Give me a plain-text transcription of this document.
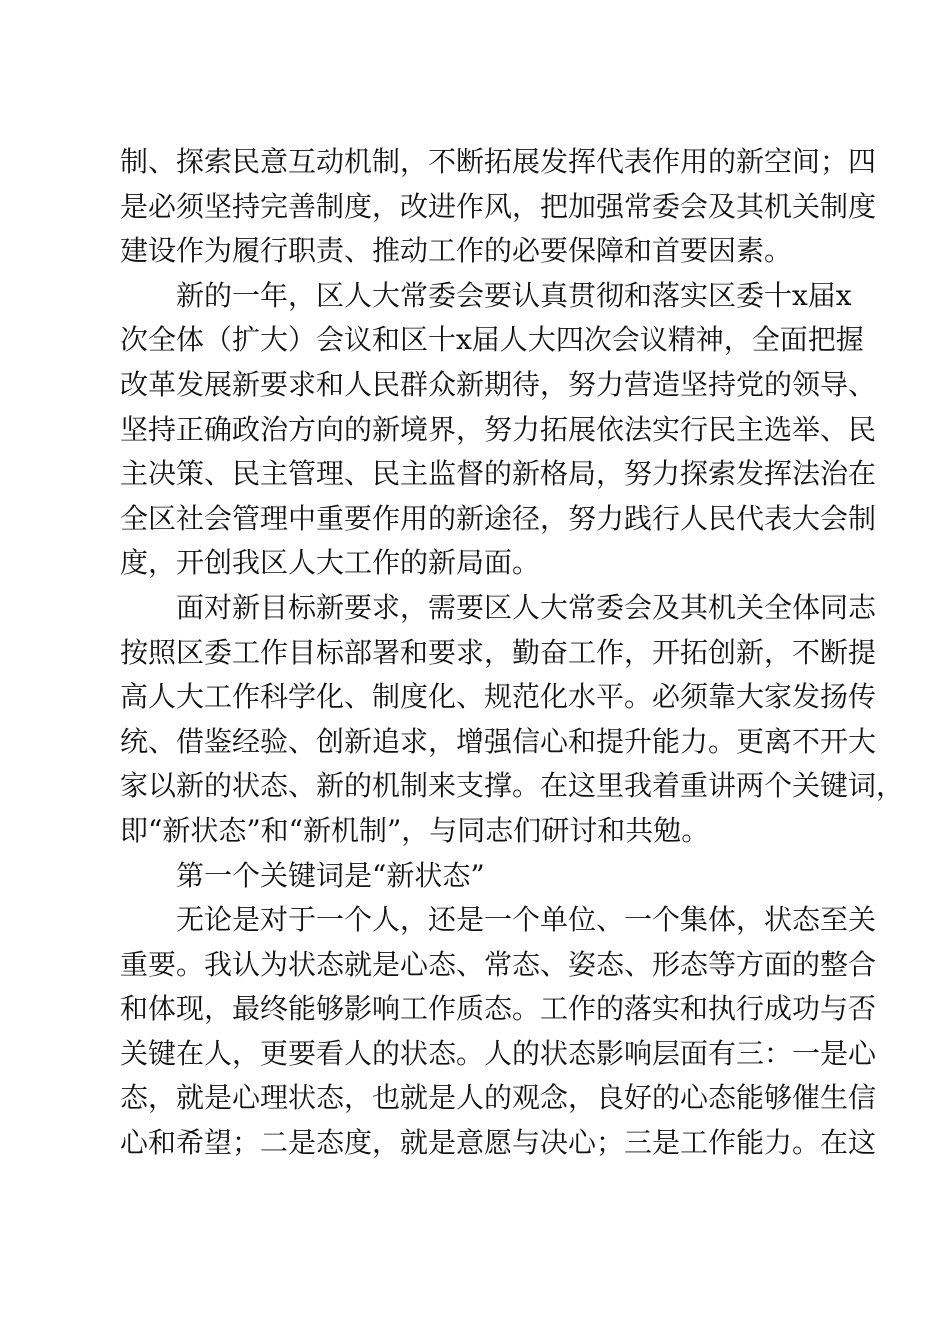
制、探索民意互动机制，不断拓展发挥代表作用的新空间；四
是必须坚持完善制度，改进作风，把加强常委会及其机关制度
建设作为履行职责、推动工作的必要保障和首要因素。
新的一年，区人大常委会要认真贯彻和落实区委十x届x
次全体（扩大）会议和区十x届人大四次会议精神，全面把握
改革发展新要求和人民群众新期待，努力营造坚持党的领导、
坚持正确政治方向的新境界，努力拓展依法实行民主选举、民
主决策、民主管理、民主监督的新格局，努力探索发挥法治在
全区社会管理中重要作用的新途径，努力践行人民代表大会制
度，开创我区人大工作的新局面。
面对新目标新要求，需要区人大常委会及其机关全体同志
按照区委工作目标部署和要求，勤奋工作，开拓创新，不断提
高人大工作科学化、制度化、规范化水平。必须靠大家发扬传
统、借鉴经验、创新追求，增强信心和提升能力。更离不开大
家以新的状态、新的机制来支撑。在这里我着重讲两个关键词，
即“新状态”和“新机制”，与同志们研讨和共勉。
第一个关键词是“新状态”
无论是对于一个人，还是一个单位、一个集体，状态至关
重要。我认为状态就是心态、常态、姿态、形态等方面的整合
和体现，最终能够影响工作质态。工作的落实和执行成功与否
关键在人，更要看人的状态。人的状态影响层面有三：一是心
态，就是心理状态，也就是人的观念，良好的心态能够催生信
心和希望；二是态度，就是意愿与决心；三是工作能力。在这
